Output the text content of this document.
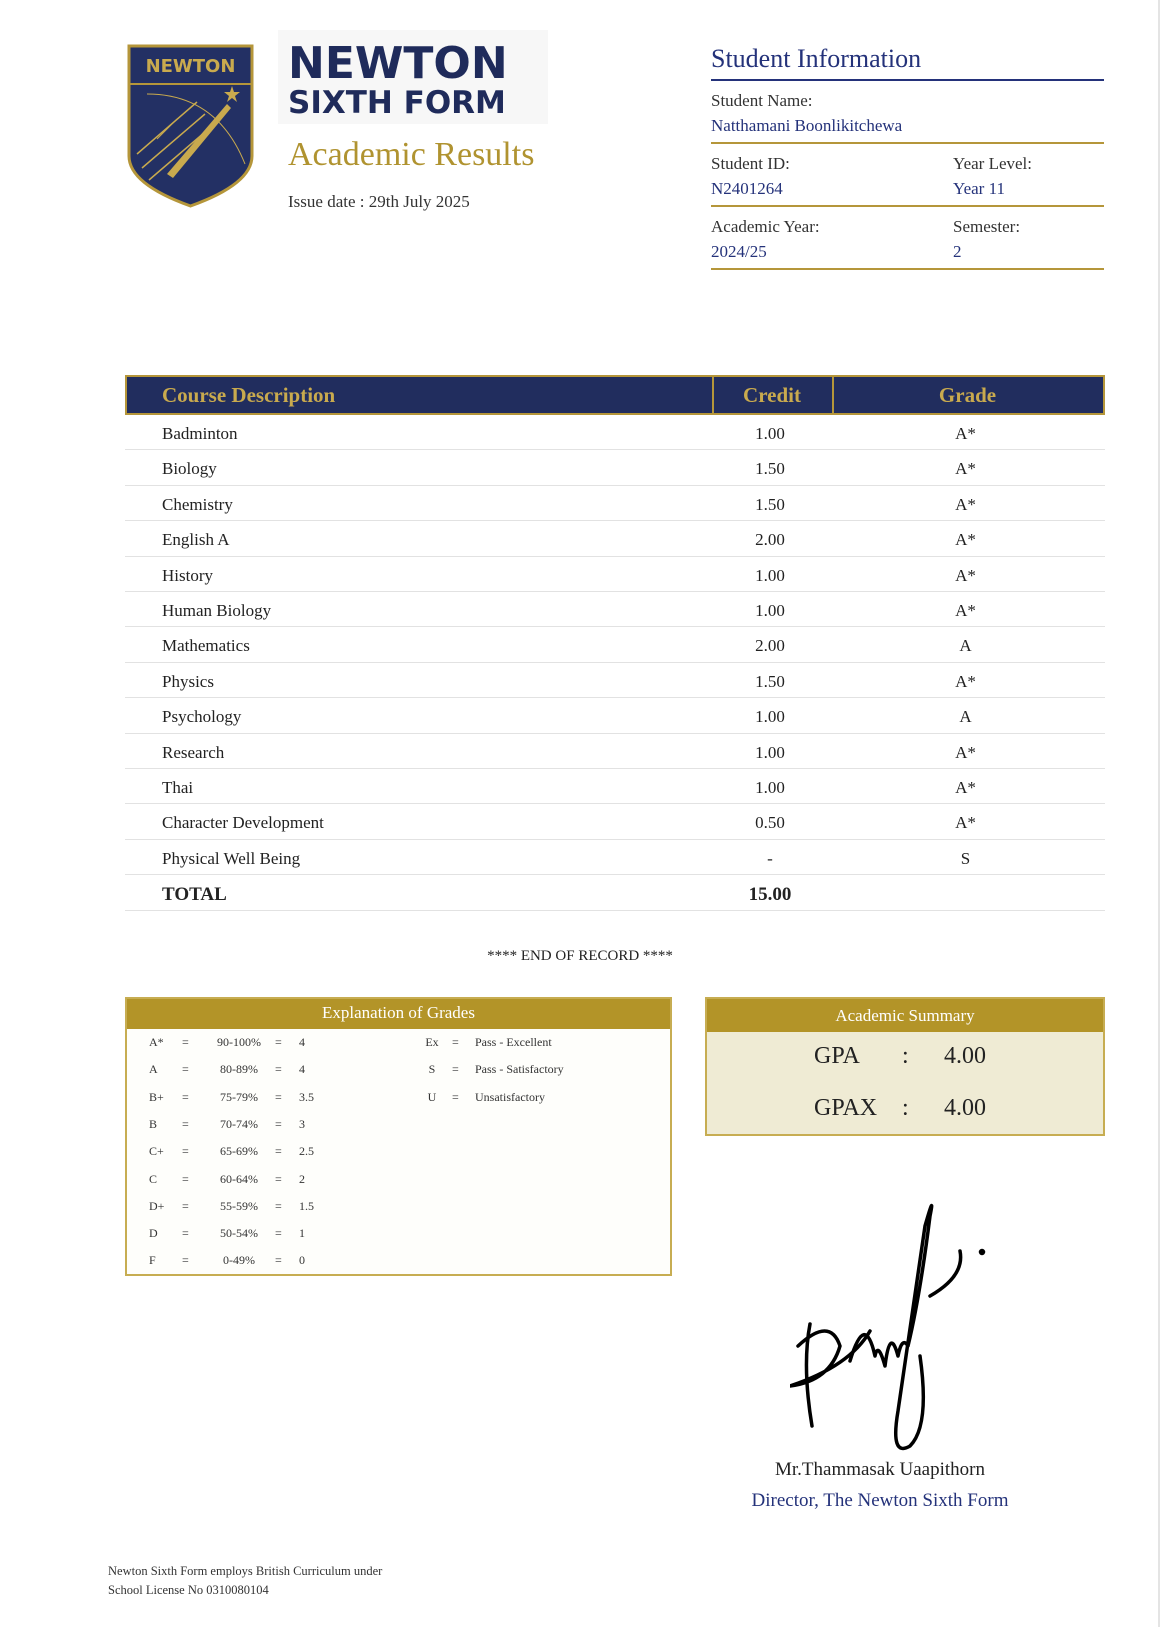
NEWTON NEWTON
SIXTH FORM
Academic Results
Issue date : 29th July 2025
Student Information
Student Name:
Natthamani Boonlikitchewa
Student ID:
N2401264
Year Level:
Year 11
Academic Year:
2024/25
Semester:
2
Course Description	Credit	Grade
Badminton	1.00	A*
Biology	1.50	A*
Chemistry	1.50	A*
English A	2.00	A*
History	1.00	A*
Human Biology	1.00	A*
Mathematics	2.00	A
Physics	1.50	A*
Psychology	1.00	A
Research	1.00	A*
Thai	1.00	A*
Character Development	0.50	A*
Physical Well Being	-	S
TOTAL	15.00
**** END OF RECORD ****
Explanation of Grades
A* =	90-100%	= 4
A =	80-89%	= 4
B+ =	75-79%	= 3.5
B =	70-74%	= 3
C+ =	65-69%	= 2.5
C =	60-64%	= 2
D+ =	55-59%	= 1.5
D =	50-54%	= 1
F =	0-49%	= 0
Ex	= Pass - Excellent
S	= Pass - Satisfactory
U	= Unsatisfactory
Academic Summary
GPA : 4.00
GPAX : 4.00
Mr.Thammasak Uaapithorn
Director, The Newton Sixth Form
Newton Sixth Form employs British Curriculum under
School License No 0310080104
